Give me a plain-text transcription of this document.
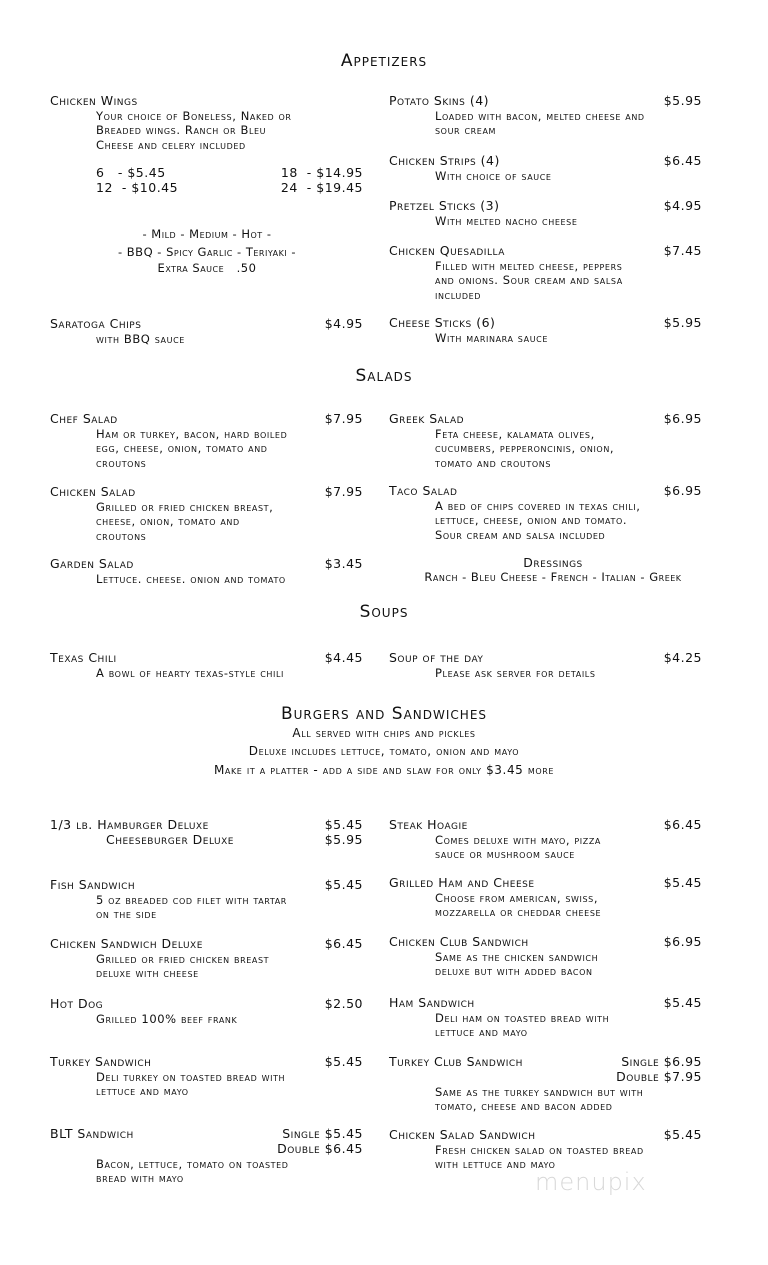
Appetizers
Salads
Soups
Burgers and Sandwiches
All served with chips and pickles
Deluxe includes lettuce, tomato, onion and mayo
Make it a platter - add a side and slaw for only $3.45 more
Chicken Wings
Your choice of Boneless, Naked or
Breaded wings. Ranch or Bleu
Cheese and celery included
6   - $5.45
12  - $10.45
18  - $14.95
24  - $19.45
- Mild - Medium - Hot -
- BBQ - Spicy Garlic - Teriyaki -
Extra Sauce   .50
Dressings
Ranch - Bleu Cheese - French - Italian - Greek
menupix
Saratoga Chips	$4.95
with BBQ sauce
Potato Skins (4)	$5.95
Loaded with bacon, melted cheese and
sour cream
Chicken Strips (4)	$6.45
With choice of sauce
Pretzel Sticks (3)	$4.95
With melted nacho cheese
Chicken Quesadilla	$7.45
Filled with melted cheese, peppers
and onions. Sour cream and salsa
included
Cheese Sticks (6)	$5.95
With marinara sauce
Chef Salad	$7.95
Ham or turkey, bacon, hard boiled
egg, cheese, onion, tomato and
croutons
Chicken Salad	$7.95
Grilled or fried chicken breast,
cheese, onion, tomato and
croutons
Garden Salad	$3.45
Lettuce. cheese. onion and tomato
Greek Salad	$6.95
Feta cheese, kalamata olives,
cucumbers, pepperoncinis, onion,
tomato and croutons
Taco Salad	$6.95
A bed of chips covered in texas chili,
lettuce, cheese, onion and tomato.
Sour cream and salsa included
Texas Chili	$4.45
A bowl of hearty texas-style chili
Soup of the day	$4.25
Please ask server for details
1/3 lb. Hamburger Deluxe	$5.45
Cheeseburger Deluxe	$5.95
Fish Sandwich	$5.45
5 oz breaded cod filet with tartar
on the side
Chicken Sandwich Deluxe	$6.45
Grilled or fried chicken breast
deluxe with cheese
Hot Dog	$2.50
Grilled 100% beef frank
Turkey Sandwich	$5.45
Deli turkey on toasted bread with
lettuce and mayo
BLT Sandwich	Single $5.45
Double $6.45
Bacon, lettuce, tomato on toasted
bread with mayo
Steak Hoagie	$6.45
Comes deluxe with mayo, pizza
sauce or mushroom sauce
Grilled Ham and Cheese	$5.45
Choose from american, swiss,
mozzarella or cheddar cheese
Chicken Club Sandwich	$6.95
Same as the chicken sandwich
deluxe but with added bacon
Ham Sandwich	$5.45
Deli ham on toasted bread with
lettuce and mayo
Turkey Club Sandwich	Single $6.95
Double $7.95
Same as the turkey sandwich but with
tomato, cheese and bacon added
Chicken Salad Sandwich	$5.45
Fresh chicken salad on toasted bread
with lettuce and mayo
